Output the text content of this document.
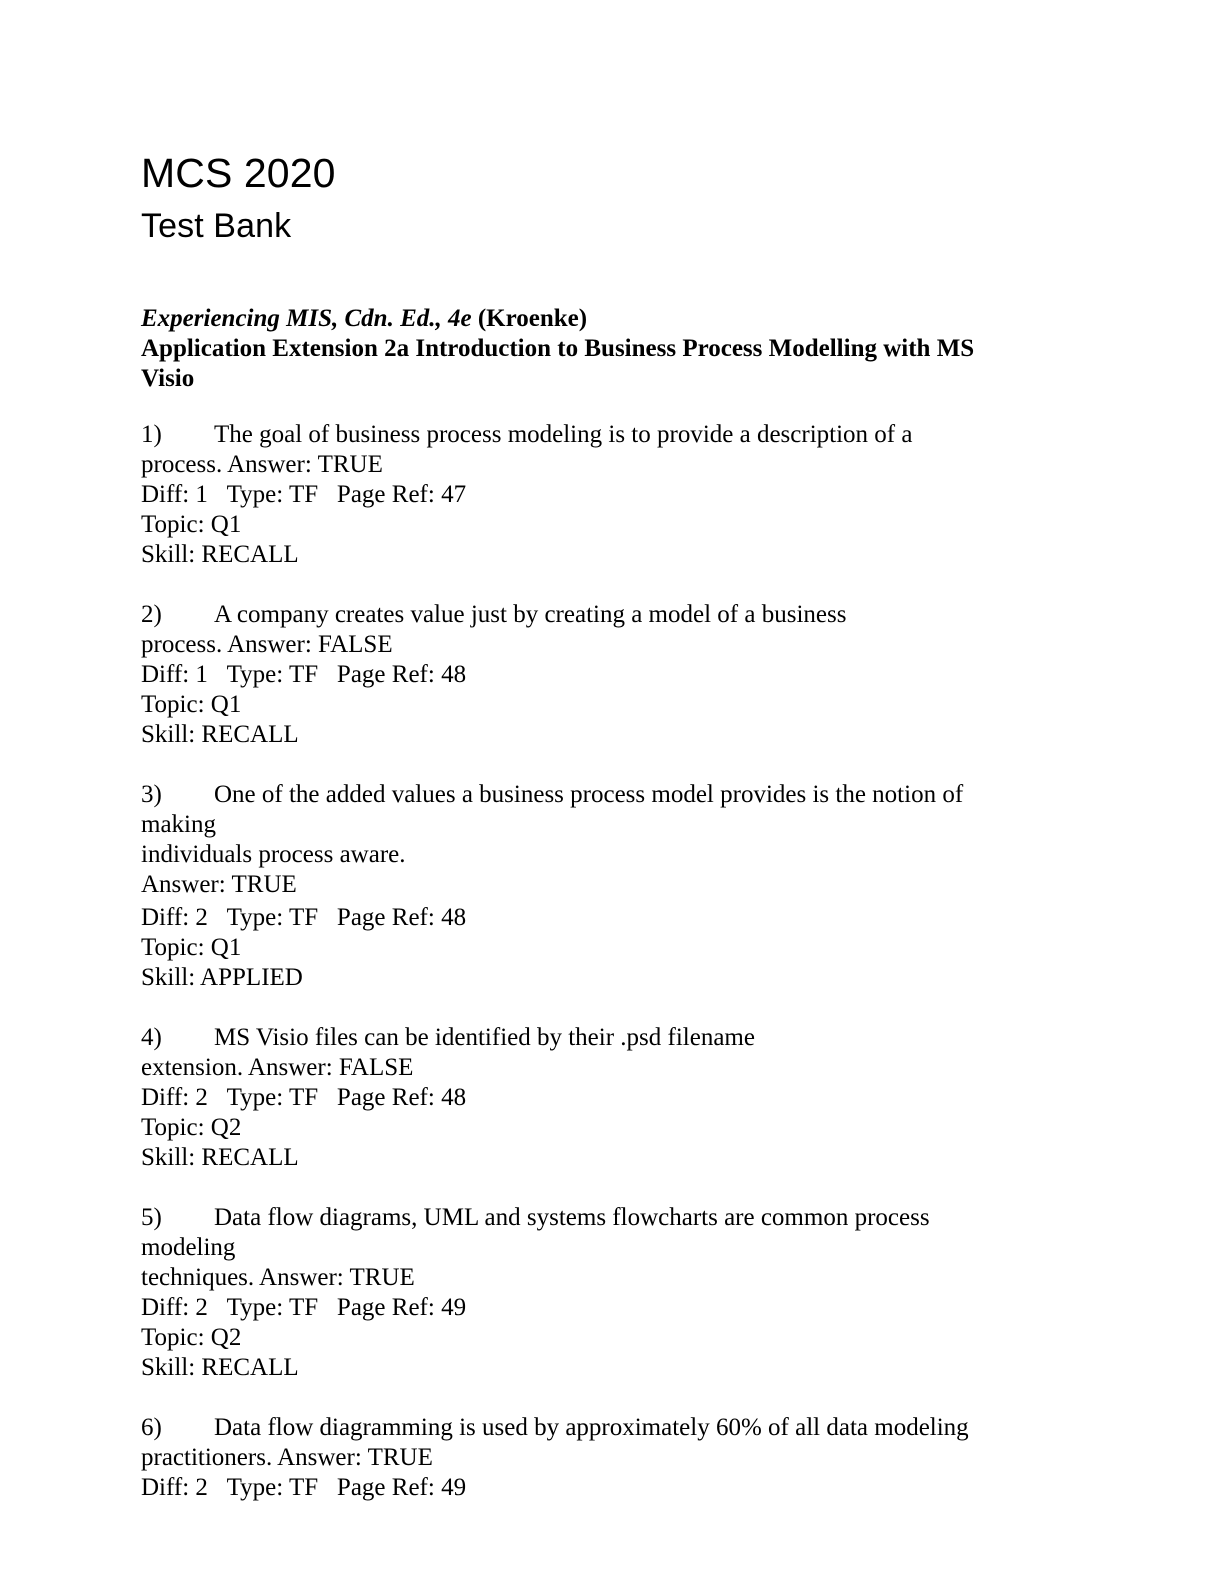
MCS 2020
Test Bank
Experiencing MIS, Cdn. Ed., 4e (Kroenke)
Application Extension 2a Introduction to Business Process Modelling with MS Visio

1) The goal of business process modeling is to provide a description of a

process. Answer: TRUE

Diff: 1   Type: TF   Page Ref: 47

Topic: Q1

Skill: RECALL

2) A company creates value just by creating a model of a business

process. Answer: FALSE

Diff: 1   Type: TF   Page Ref: 48

Topic: Q1

Skill: RECALL

3) One of the added values a business process model provides is the notion of making

individuals process aware.

Answer: TRUE

Diff: 2   Type: TF   Page Ref: 48

Topic: Q1

Skill: APPLIED

4) MS Visio files can be identified by their .psd filename

extension. Answer: FALSE

Diff: 2   Type: TF   Page Ref: 48

Topic: Q2

Skill: RECALL

5) Data flow diagrams, UML and systems flowcharts are common process modeling

techniques. Answer: TRUE

Diff: 2   Type: TF   Page Ref: 49

Topic: Q2

Skill: RECALL

6) Data flow diagramming is used by approximately 60% of all data modeling

practitioners. Answer: TRUE

Diff: 2   Type: TF   Page Ref: 49
